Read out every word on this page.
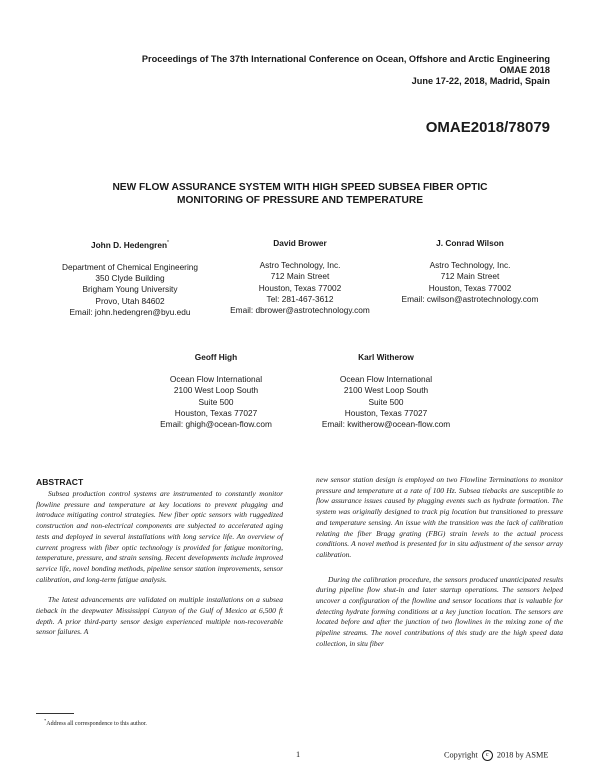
Proceedings of The 37th International Conference on Ocean, Offshore and Arctic Engineering
OMAE 2018
June 17-22, 2018, Madrid, Spain
OMAE2018/78079
NEW FLOW ASSURANCE SYSTEM WITH HIGH SPEED SUBSEA FIBER OPTIC
MONITORING OF PRESSURE AND TEMPERATURE
John D. Hedengren*
Department of Chemical Engineering
350 Clyde Building
Brigham Young University
Provo, Utah 84602
Email: john.hedengren@byu.edu
David Brower
Astro Technology, Inc.
712 Main Street
Houston, Texas 77002
Tel: 281-467-3612
Email: dbrower@astrotechnology.com
J. Conrad Wilson
Astro Technology, Inc.
712 Main Street
Houston, Texas 77002
Email: cwilson@astrotechnology.com
Geoff High
Ocean Flow International
2100 West Loop South
Suite 500
Houston, Texas 77027
Email: ghigh@ocean-flow.com
Karl Witherow
Ocean Flow International
2100 West Loop South
Suite 500
Houston, Texas 77027
Email: kwitherow@ocean-flow.com
ABSTRACT

Subsea production control systems are instrumented to constantly monitor flowline pressure and temperature at key locations to prevent plugging and introduce mitigating control strategies. New fiber optic sensors with ruggedized construction and non-electrical components are subjected to accelerated aging tests and deployed in several installations with long service life. An overview of current progress with fiber optic technology is provided for fatigue monitoring, temperature, pressure, and strain sensing. Recent developments include improved service life, novel bonding methods, pipeline sensor station improvements, sensor calibration, and long-term fatigue analysis.

The latest advancements are validated on multiple installations on a subsea tieback in the deepwater Mississippi Canyon of the Gulf of Mexico at 6,500 ft depth. A prior third-party sensor design experienced multiple non-recoverable sensor failures. A

new sensor station design is employed on two Flowline Terminations to monitor pressure and temperature at a rate of 100 Hz. Subsea tiebacks are susceptible to flow assurance issues caused by plugging events such as hydrate formation. The system was originally designed to track pig location but transitioned to pressure and temperature sensing. An issue with the transition was the lack of calibration relating the fiber Bragg grating (FBG) strain levels to the actual process conditions. A novel method is presented for in situ adjustment of the sensor array calibration.

During the calibration procedure, the sensors produced unanticipated results during pipeline flow shut-in and later startup operations. The sensors helped uncover a configuration of the flowline and sensor locations that is valuable for detecting hydrate forming conditions at a key junction location. The sensors are located before and after the junction of two flowlines in the mixing zone of the pipeline streams. The novel contributions of this study are the high speed data collection, in situ fiber

*Address all correspondence to this author.
1	Copyright c 2018 by ASME
